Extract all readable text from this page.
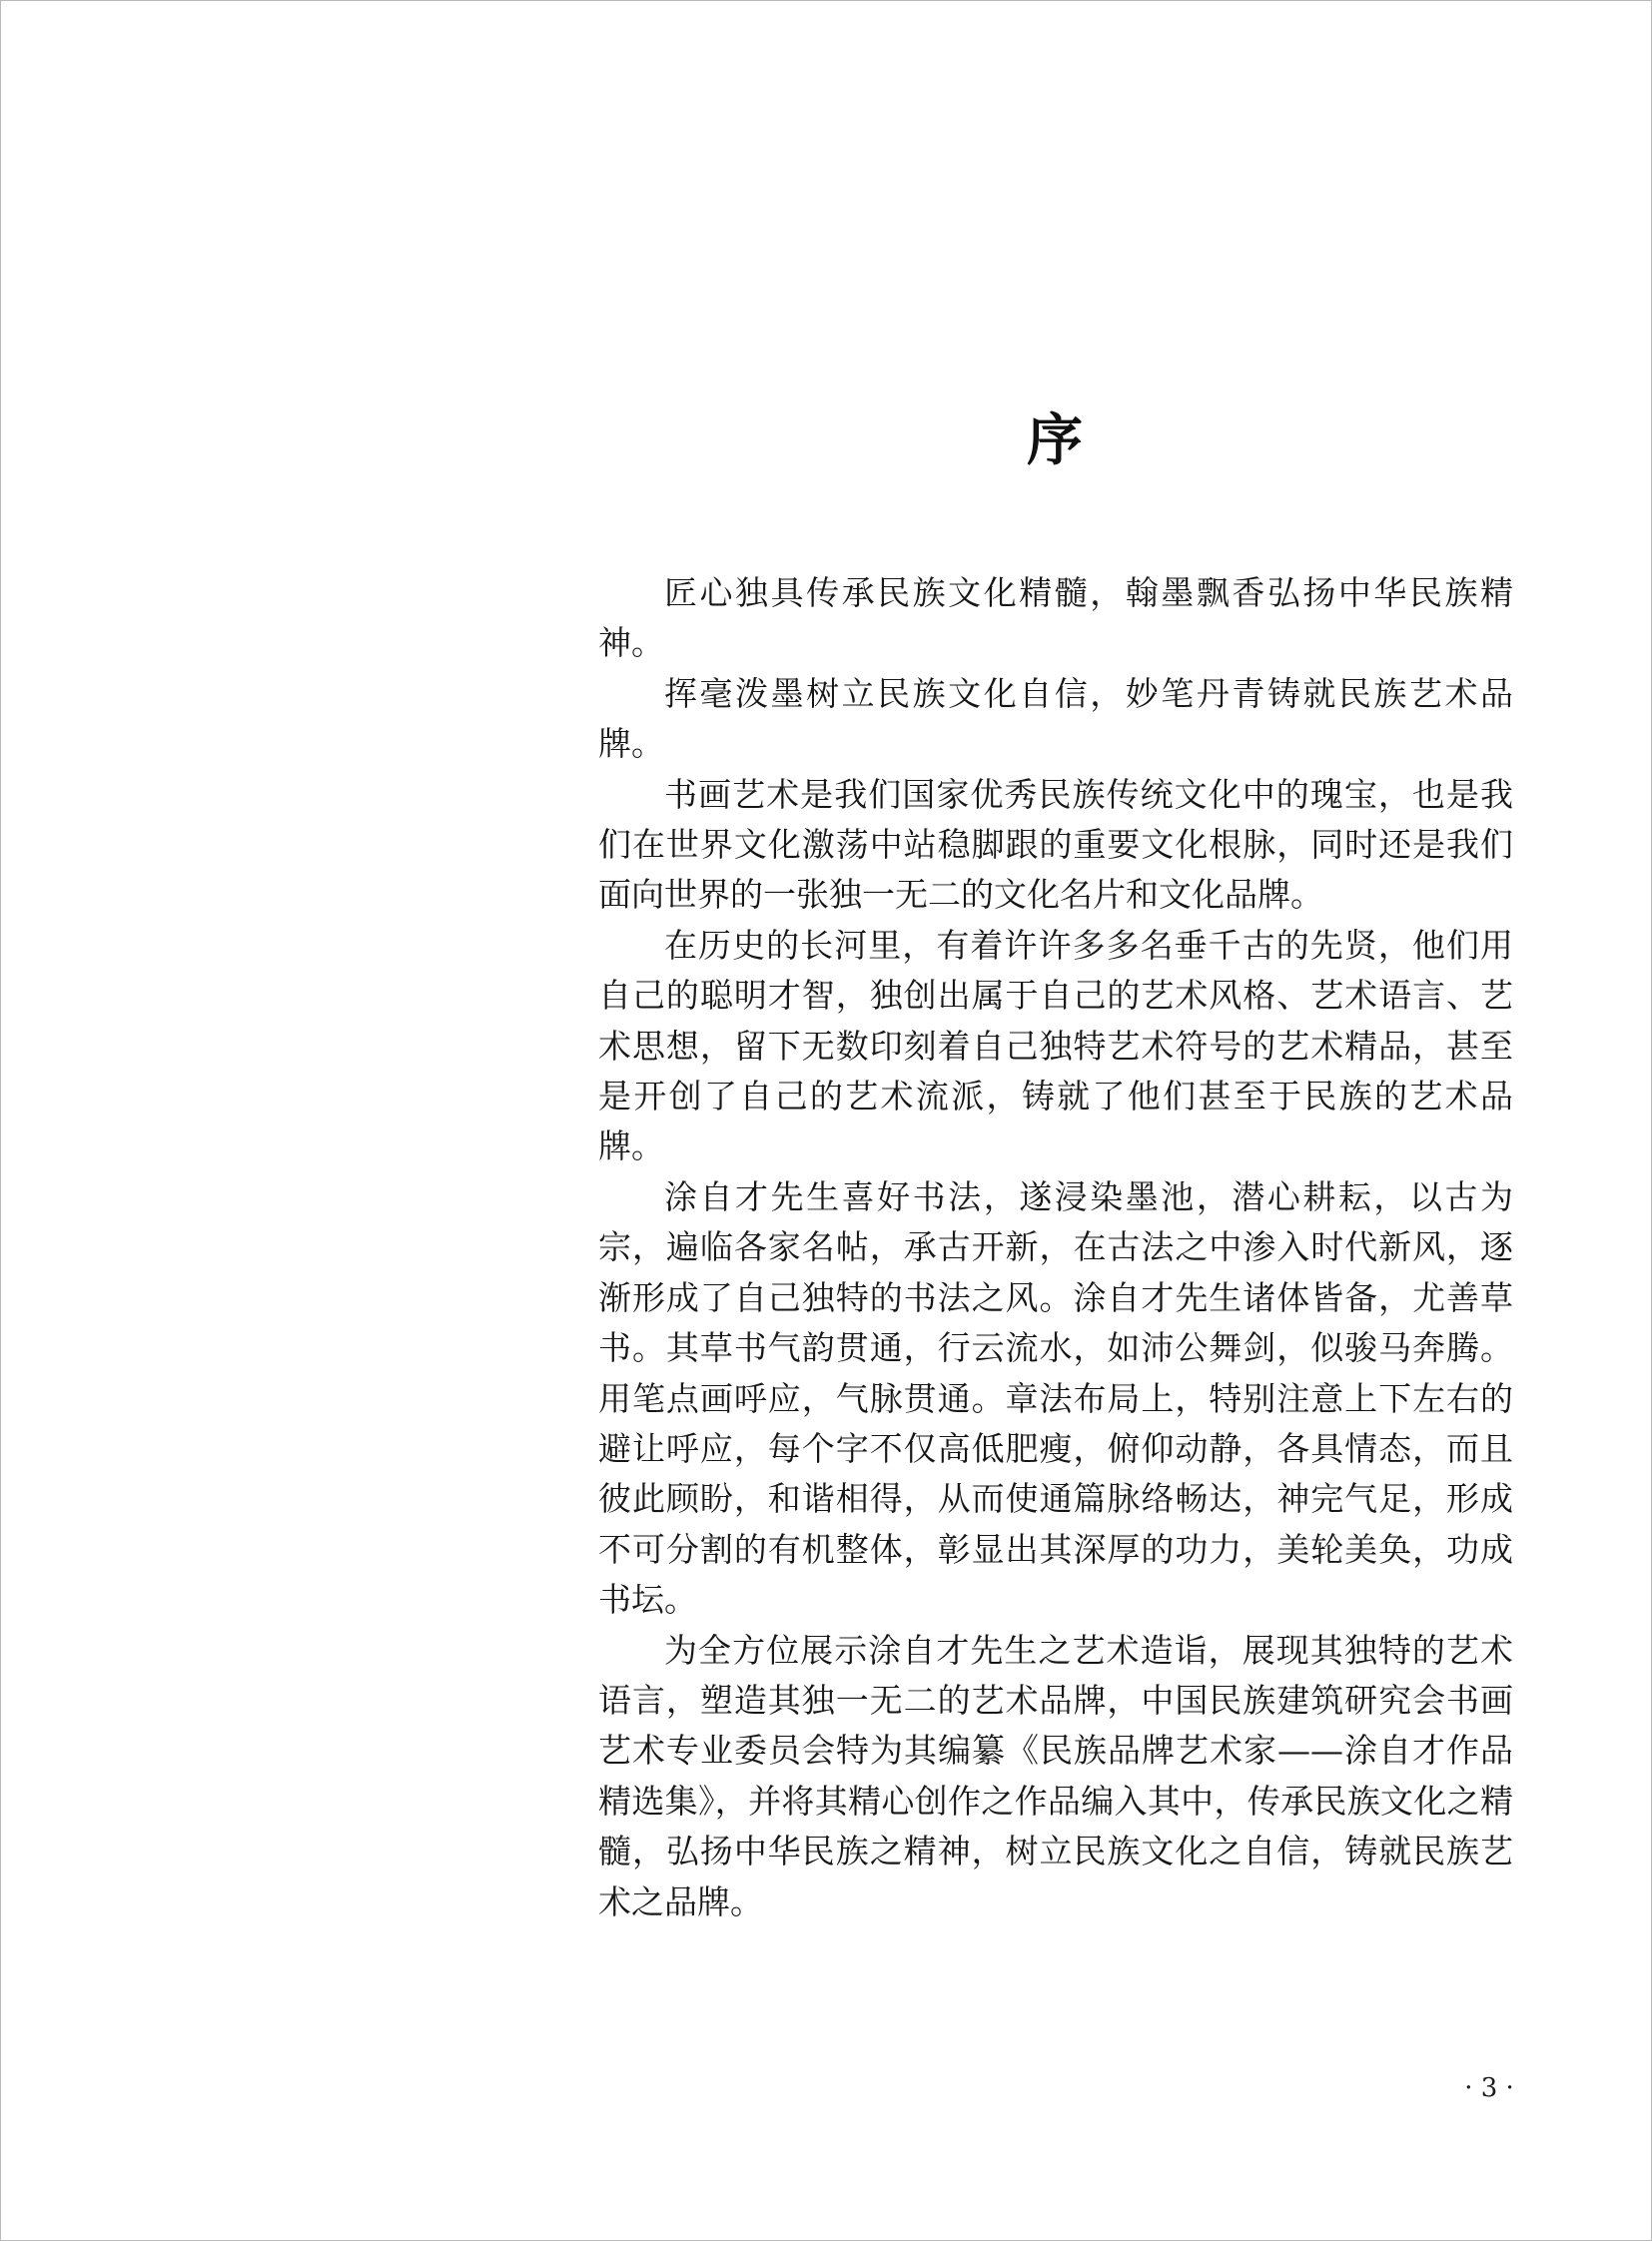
序

匠心独具传承民族文化精髓，翰墨飘香弘扬中华民族精神。

挥毫泼墨树立民族文化自信，妙笔丹青铸就民族艺术品牌。

书画艺术是我们国家优秀民族传统文化中的瑰宝，也是我们在世界文化激荡中站稳脚跟的重要文化根脉，同时还是我们面向世界的一张独一无二的文化名片和文化品牌。

在历史的长河里，有着许许多多名垂千古的先贤，他们用自己的聪明才智，独创出属于自己的艺术风格、艺术语言、艺术思想，留下无数印刻着自己独特艺术符号的艺术精品，甚至是开创了自己的艺术流派，铸就了他们甚至于民族的艺术品牌。

涂自才先生喜好书法，遂浸染墨池，潜心耕耘，以古为宗，遍临各家名帖，承古开新，在古法之中渗入时代新风，逐渐形成了自己独特的书法之风。涂自才先生诸体皆备，尤善草书。其草书气韵贯通，行云流水，如沛公舞剑，似骏马奔腾。用笔点画呼应，气脉贯通。章法布局上，特别注意上下左右的避让呼应，每个字不仅高低肥瘦，俯仰动静，各具情态，而且彼此顾盼，和谐相得，从而使通篇脉络畅达，神完气足，形成不可分割的有机整体，彰显出其深厚的功力，美轮美奂，功成书坛。

为全方位展示涂自才先生之艺术造诣，展现其独特的艺术语言，塑造其独一无二的艺术品牌，中国民族建筑研究会书画艺术专业委员会特为其编纂《民族品牌艺术家——涂自才作品精选集》，并将其精心创作之作品编入其中，传承民族文化之精髓，弘扬中华民族之精神，树立民族文化之自信，铸就民族艺术之品牌。

· 3 ·
